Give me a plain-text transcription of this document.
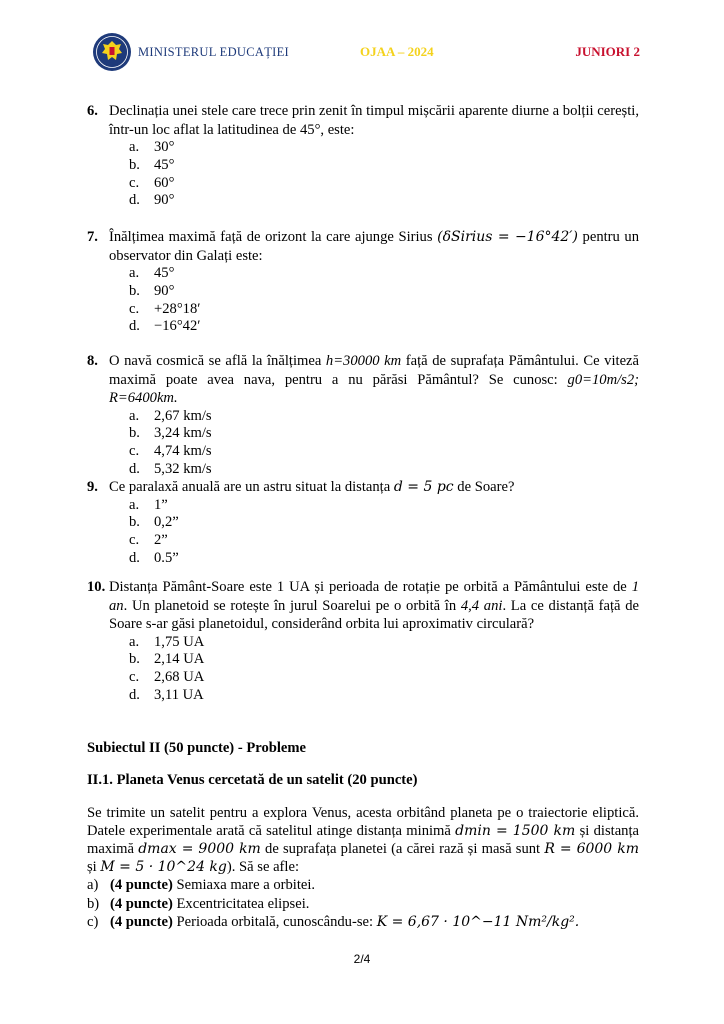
MINISTERUL EDUCAȚIEI	OJAA – 2024	JUNIORI 2
6. Declinația unei stele care trece prin zenit în timpul mișcării aparente diurne a bolții cerești, într-un loc aflat la latitudinea de 45°, este:
a.	30°
b. 45°
c.	60°
d. 90°
7. Înălțimea maximă față de orizont la care ajunge Sirius (δSirius = −16°42′) pentru un observator din Galați este:
a.	45°
b. 90°
c.	+28°18′
d. −16°42′
8. O navă cosmică se află la înălțimea h=30000 km față de suprafața Pământului. Ce viteză maximă poate avea nava, pentru a nu părăsi Pământul? Se cunosc: g0=10m/s2; R=6400km.
a.	2,67 km/s
b. 3,24 km/s
c.	4,74 km/s
d. 5,32 km/s
9. Ce paralaxă anuală are un astru situat la distanța d = 5 pc de Soare?
a.	1”
b. 0,2”
c.	2”
d. 0.5”
10. Distanța Pământ-Soare este 1 UA și perioada de rotație pe orbită a Pământului este de 1 an. Un planetoid se rotește în jurul Soarelui pe o orbită în 4,4 ani. La ce distanță față de Soare s-ar găsi planetoidul, considerând orbita lui aproximativ circulară?
a.	1,75 UA
b. 2,14 UA
c.	2,68 UA
d. 3,11 UA
Subiectul II (50 puncte) - Probleme
II.1. Planeta Venus cercetată de un satelit (20 puncte)
Se trimite un satelit pentru a explora Venus, acesta orbitând planeta pe o traiectorie eliptică. Datele experimentale arată că satelitul atinge distanța minimă dmin = 1500 km și distanța maximă dmax = 9000 km de suprafața planetei (a cărei rază și masă sunt R = 6000 km și M = 5 · 10^24 kg). Să se afle:
a) (4 puncte) Semiaxa mare a orbitei.
b) (4 puncte) Excentricitatea elipsei.
c) (4 puncte) Perioada orbitală, cunoscându-se: K = 6,67 · 10^−11 Nm²/kg².
2/4
